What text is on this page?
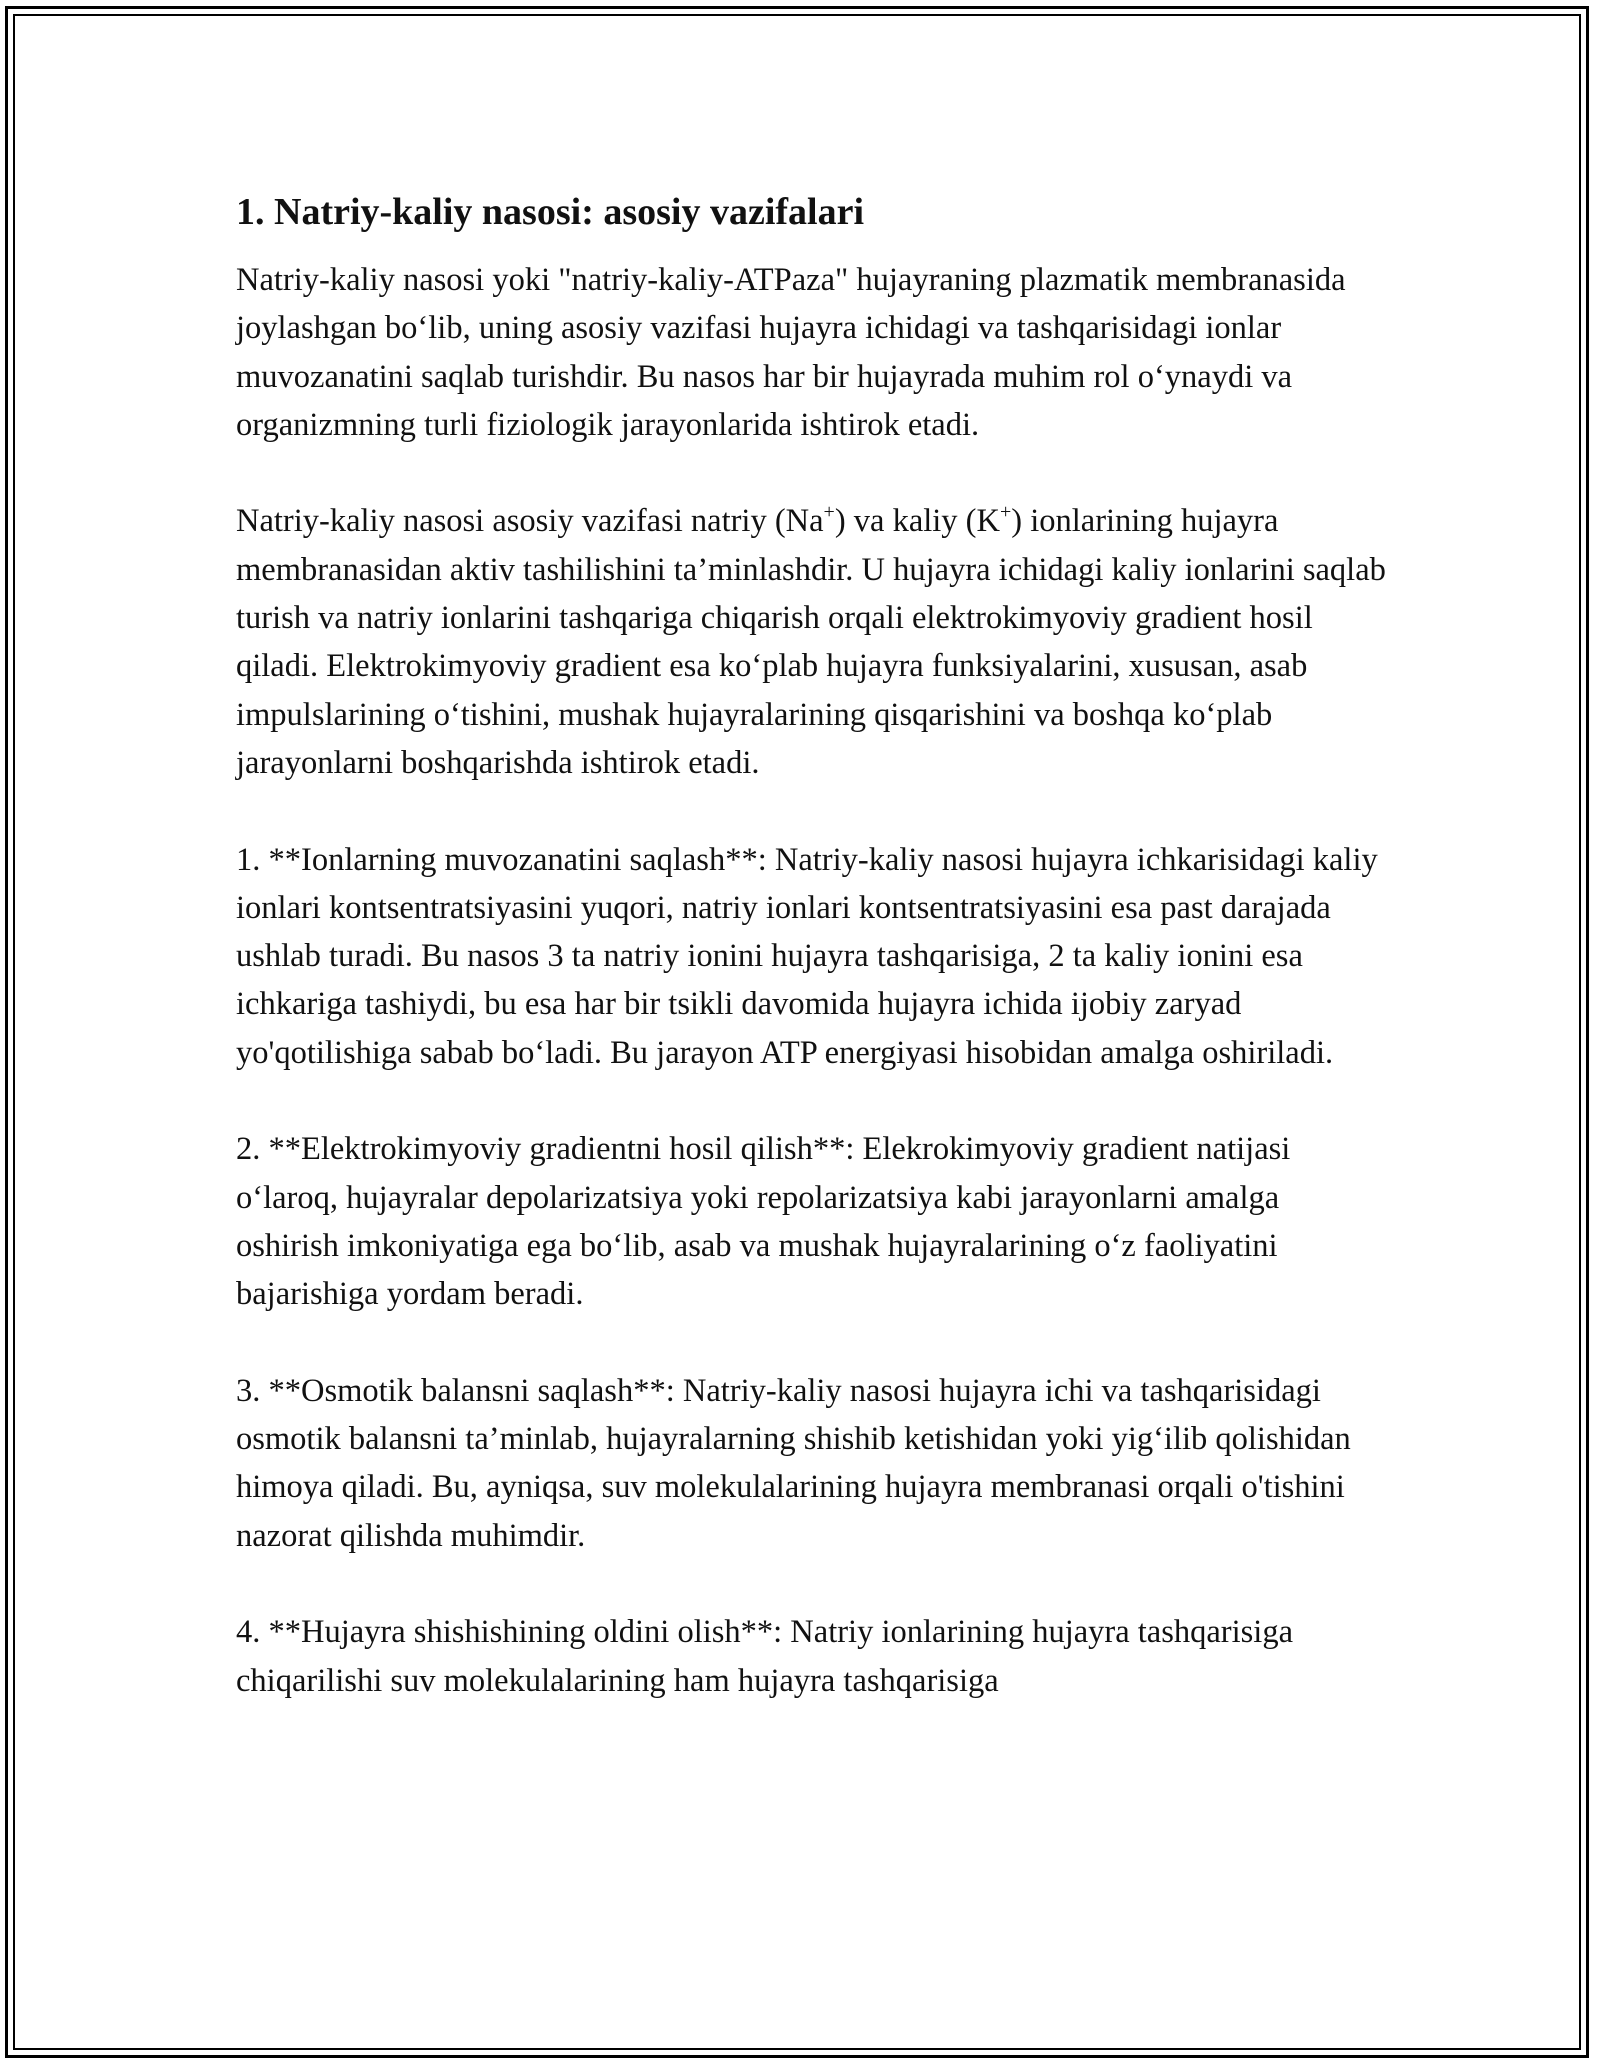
1. Natriy-kaliy nasosi: asosiy vazifalari

Natriy-kaliy nasosi yoki "natriy-kaliy-ATPaza" hujayraning plazmatik membranasida joylashgan bo‘lib, uning asosiy vazifasi hujayra ichidagi va tashqarisidagi ionlar muvozanatini saqlab turishdir. Bu nasos har bir hujayrada muhim rol o‘ynaydi va organizmning turli fiziologik jarayonlarida ishtirok etadi.

Natriy-kaliy nasosi asosiy vazifasi natriy (Na+) va kaliy (K+) ionlarining hujayra membranasidan aktiv tashilishini ta’minlashdir. U hujayra ichidagi kaliy ionlarini saqlab turish va natriy ionlarini tashqariga chiqarish orqali elektrokimyoviy gradient hosil qiladi. Elektrokimyoviy gradient esa ko‘plab hujayra funksiyalarini, xususan, asab impulslarining o‘tishini, mushak hujayralarining qisqarishini va boshqa ko‘plab jarayonlarni boshqarishda ishtirok etadi.

1. **Ionlarning muvozanatini saqlash**: Natriy-kaliy nasosi hujayra ichkarisidagi kaliy ionlari kontsentratsiyasini yuqori, natriy ionlari kontsentratsiyasini esa past darajada ushlab turadi. Bu nasos 3 ta natriy ionini hujayra tashqarisiga, 2 ta kaliy ionini esa ichkariga tashiydi, bu esa har bir tsikli davomida hujayra ichida ijobiy zaryad yo'qotilishiga sabab bo‘ladi. Bu jarayon ATP energiyasi hisobidan amalga oshiriladi.

2. **Elektrokimyoviy gradientni hosil qilish**: Elekrokimyoviy gradient natijasi o‘laroq, hujayralar depolarizatsiya yoki repolarizatsiya kabi jarayonlarni amalga oshirish imkoniyatiga ega bo‘lib, asab va mushak hujayralarining o‘z faoliyatini bajarishiga yordam beradi.

3. **Osmotik balansni saqlash**: Natriy-kaliy nasosi hujayra ichi va tashqarisidagi osmotik balansni ta’minlab, hujayralarning shishib ketishidan yoki yig‘ilib qolishidan himoya qiladi. Bu, ayniqsa, suv molekulalarining hujayra membranasi orqali o'tishini nazorat qilishda muhimdir.

4. **Hujayra shishishining oldini olish**: Natriy ionlarining hujayra tashqarisiga chiqarilishi suv molekulalarining ham hujayra tashqarisiga
